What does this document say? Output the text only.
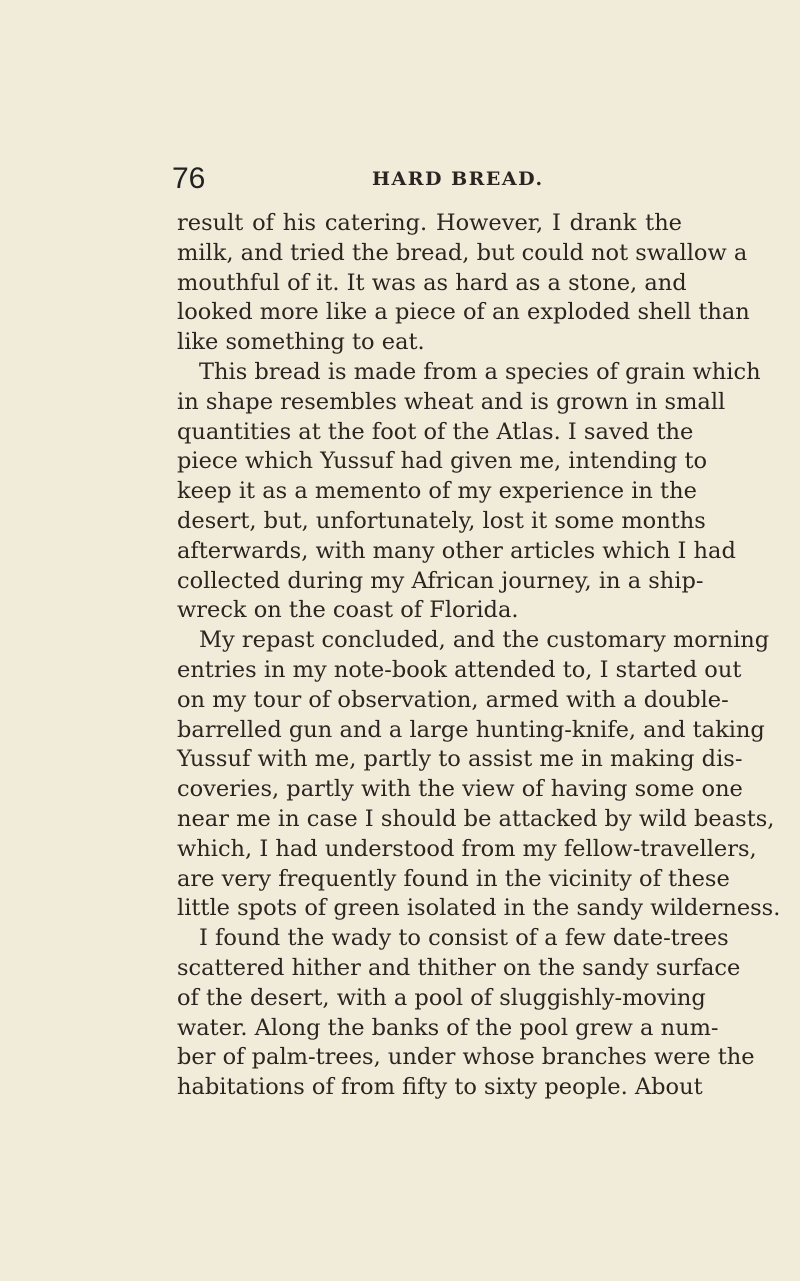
76	HARD BREAD.
result of his catering. However, I drank the
milk, and tried the bread, but could not swallow a
mouthful of it. It was as hard as a stone, and
looked more like a piece of an exploded shell than
like something to eat.
This bread is made from a species of grain which
in shape resembles wheat and is grown in small
quantities at the foot of the Atlas. I saved the
piece which Yussuf had given me, intending to
keep it as a memento of my experience in the
desert, but, unfortunately, lost it some months
afterwards, with many other articles which I had
collected during my African journey, in a ship-
wreck on the coast of Florida.
My repast concluded, and the customary morning
entries in my note-book attended to, I started out
on my tour of observation, armed with a double-
barrelled gun and a large hunting-knife, and taking
Yussuf with me, partly to assist me in making dis-
coveries, partly with the view of having some one
near me in case I should be attacked by wild beasts,
which, I had understood from my fellow-travellers,
are very frequently found in the vicinity of these
little spots of green isolated in the sandy wilderness.
I found the wady to consist of a few date-trees
scattered hither and thither on the sandy surface
of the desert, with a pool of sluggishly-moving
water. Along the banks of the pool grew a num-
ber of palm-trees, under whose branches were the
habitations of from fifty to sixty people. About
